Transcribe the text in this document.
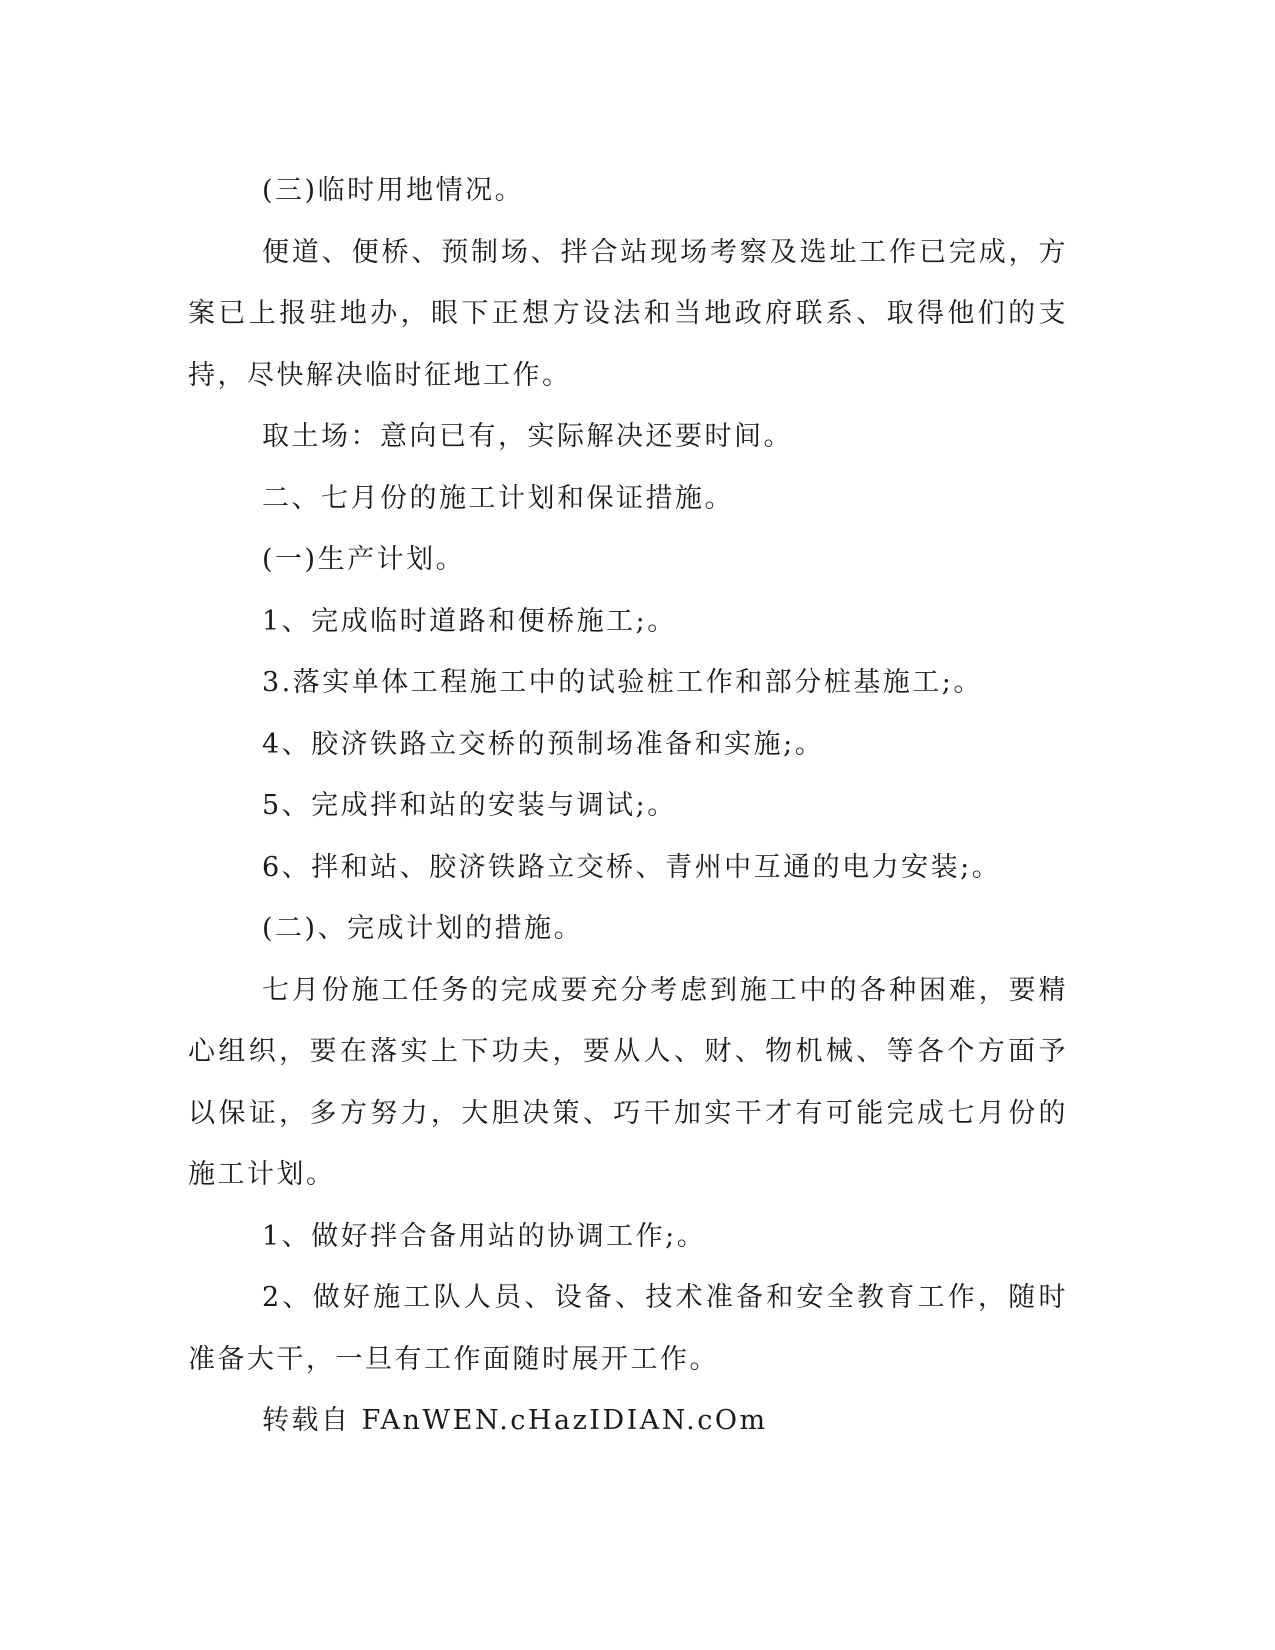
(三)临时用地情况。

便道、便桥、预制场、拌合站现场考察及选址工作已完成，方案已上报驻地办，眼下正想方设法和当地政府联系、取得他们的支持，尽快解决临时征地工作。

取土场：意向已有，实际解决还要时间。

二、七月份的施工计划和保证措施。

(一)生产计划。

1、完成临时道路和便桥施工;。

3.落实单体工程施工中的试验桩工作和部分桩基施工;。

4、胶济铁路立交桥的预制场准备和实施;。

5、完成拌和站的安装与调试;。

6、拌和站、胶济铁路立交桥、青州中互通的电力安装;。

(二)、完成计划的措施。

七月份施工任务的完成要充分考虑到施工中的各种困难，要精心组织，要在落实上下功夫，要从人、财、物机械、等各个方面予以保证，多方努力，大胆决策、巧干加实干才有可能完成七月份的施工计划。

1、做好拌合备用站的协调工作;。

2、做好施工队人员、设备、技术准备和安全教育工作，随时准备大干，一旦有工作面随时展开工作。

转载自 FAnWEN.cHazIDIAN.cOm
